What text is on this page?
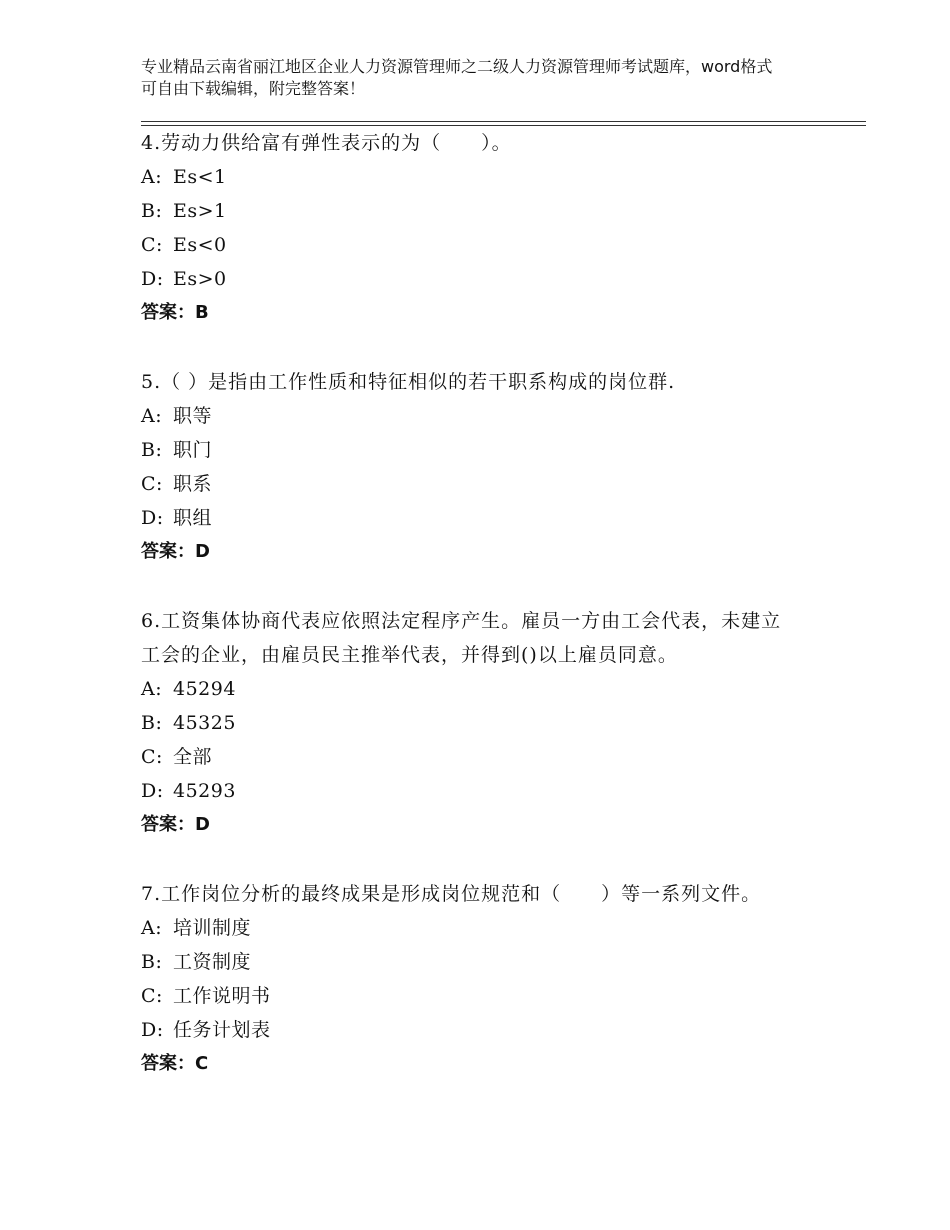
专业精品云南省丽江地区企业人力资源管理师之二级人力资源管理师考试题库，word格式可自由下载编辑，附完整答案！
4.劳动力供给富有弹性表示的为（　　）。
A: Es<1
B: Es>1
C: Es<0
D: Es>0
答案：B
5.（ ）是指由工作性质和特征相似的若干职系构成的岗位群.
A: 职等
B: 职门
C: 职系
D: 职组
答案：D
6.工资集体协商代表应依照法定程序产生。雇员一方由工会代表，未建立工会的企业，由雇员民主推举代表，并得到()以上雇员同意。
A: 45294
B: 45325
C: 全部
D: 45293
答案：D
7.工作岗位分析的最终成果是形成岗位规范和（　　）等一系列文件。
A: 培训制度
B: 工资制度
C: 工作说明书
D: 任务计划表
答案：C
